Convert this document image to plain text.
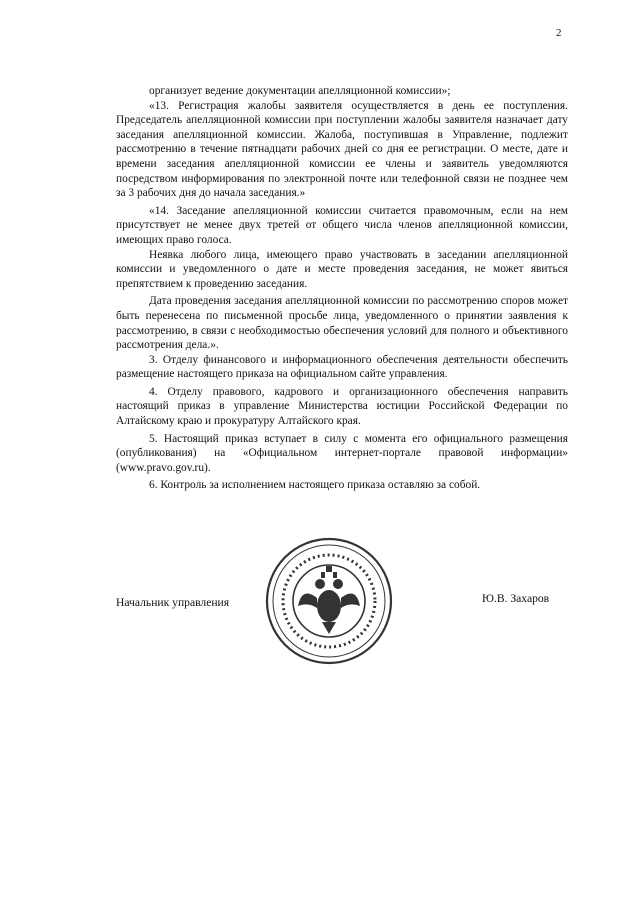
2

организует ведение документации апелляционной комиссии»;

«13. Регистрация жалобы заявителя осуществляется в день ее поступления. Председатель апелляционной комиссии при поступлении жалобы заявителя назначает дату заседания апелляционной комиссии. Жалоба, поступившая в Управление, подлежит рассмотрению в течение пятнадцати рабочих дней со дня ее регистрации. О месте, дате и времени заседания апелляционной комиссии ее члены и заявитель уведомляются посредством информирования по электронной почте или телефонной связи не позднее чем за 3 рабочих дня до начала заседания.»

«14. Заседание апелляционной комиссии считается правомочным, если на нем присутствует не менее двух третей от общего числа членов апелляционной комиссии, имеющих право голоса.

Неявка любого лица, имеющего право участвовать в заседании апелляционной комиссии и уведомленного о дате и месте проведения заседания, не может явиться препятствием к проведению заседания.

Дата проведения заседания апелляционной комиссии по рассмотрению споров может быть перенесена по письменной просьбе лица, уведомленного о принятии заявления к рассмотрению, в связи с необходимостью обеспечения условий для полного и объективного рассмотрения дела.».

3. Отделу финансового и информационного обеспечения деятельности обеспечить размещение настоящего приказа на официальном сайте управления.

4. Отделу правового, кадрового и организационного обеспечения направить настоящий приказ в управление Министерства юстиции Российской Федерации по Алтайскому краю и прокуратуру Алтайского края.

5. Настоящий приказ вступает в силу с момента его официального размещения (опубликования) на «Официальном интернет-портале правовой информации» (www.pravo.gov.ru).

6. Контроль за исполнением настоящего приказа оставляю за собой.

Начальник управления	Ю.В. Захаров
